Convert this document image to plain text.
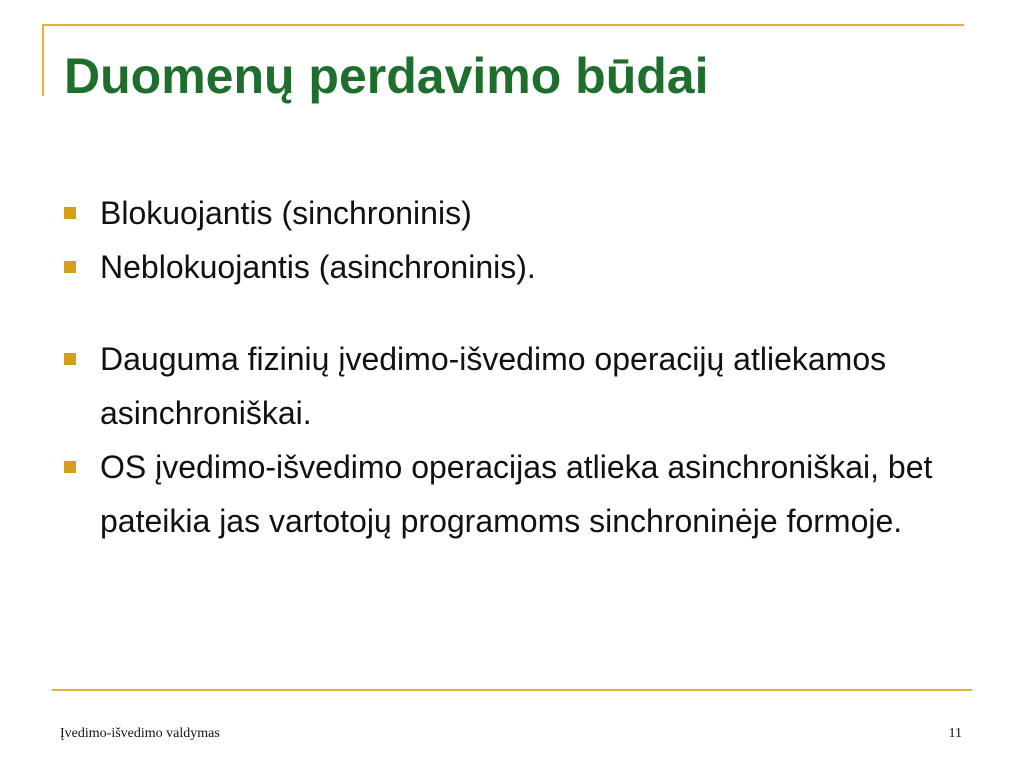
Duomenų perdavimo būdai
Blokuojantis (sinchroninis)
Neblokuojantis (asinchroninis).
Dauguma fizinių įvedimo-išvedimo operacijų atliekamos asinchroniškai.
OS įvedimo-išvedimo operacijas atlieka asinchroniškai, bet pateikia jas vartotojų programoms sinchroninėje formoje.
Įvedimo-išvedimo valdymas	11
